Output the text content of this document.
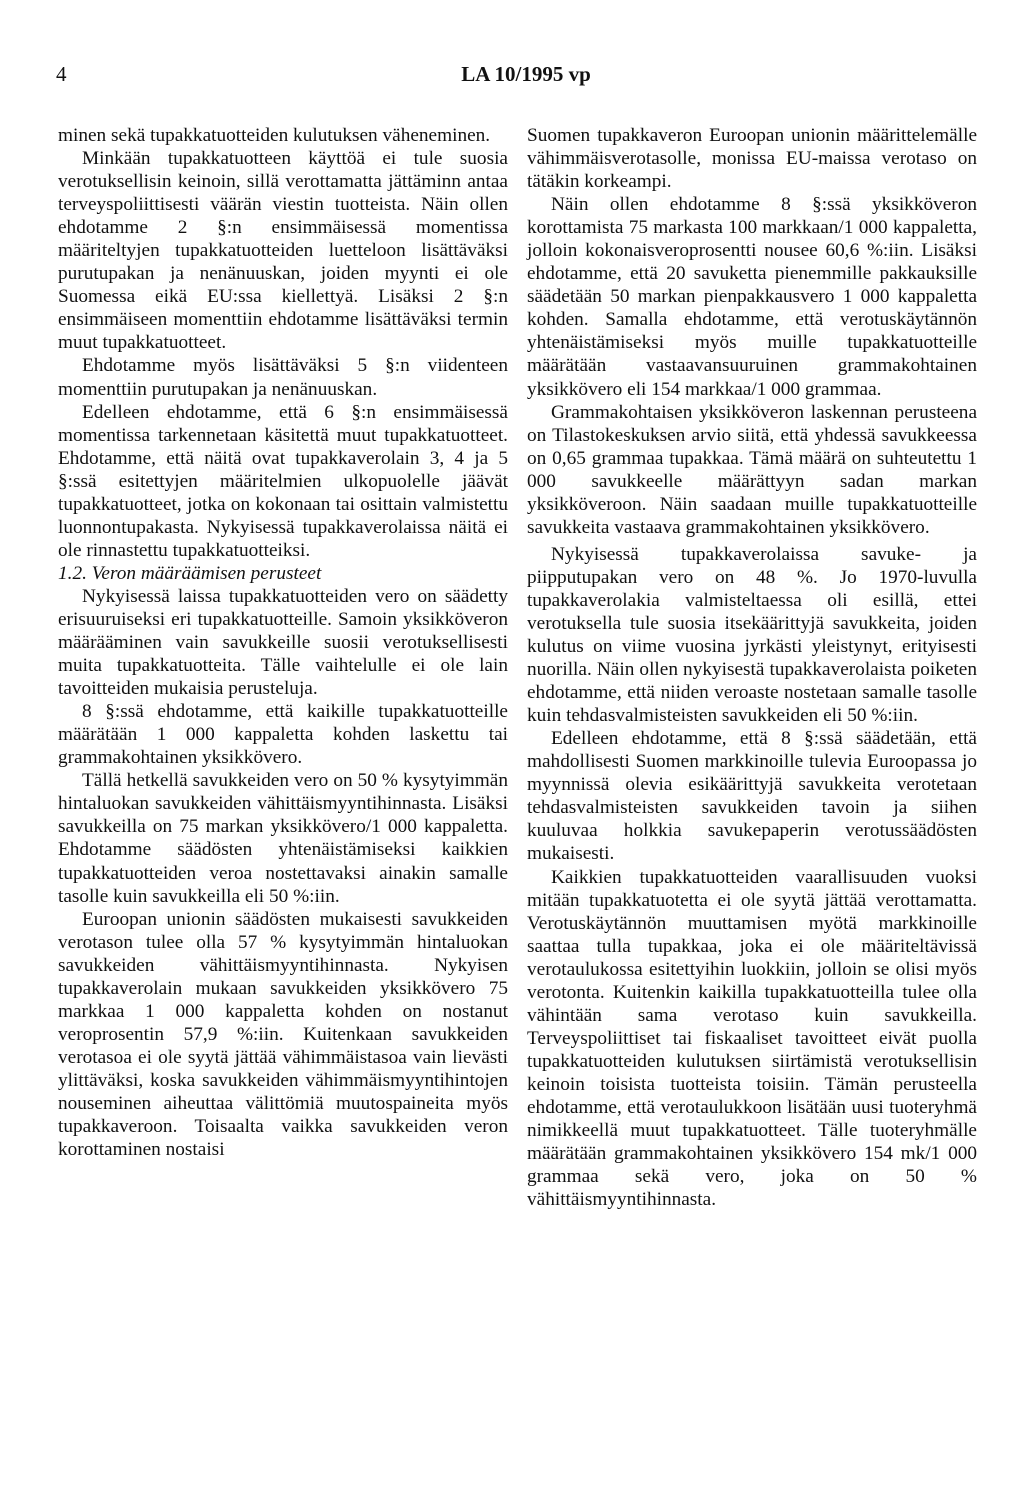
4	LA 10/1995 vp

minen sekä tupakkatuotteiden kulutuksen väheneminen.

Minkään tupakkatuotteen käyttöä ei tule suosia verotuksellisin keinoin, sillä verottamatta jättäminn antaa terveyspoliittisesti väärän viestin tuotteista. Näin ollen ehdotamme 2 §:n ensimmäisessä momentissa määriteltyjen tupakkatuotteiden luetteloon lisättäväksi purutupakan ja nenänuuskan, joiden myynti ei ole Suomessa eikä EU:ssa kiellettyä. Lisäksi 2 §:n ensimmäiseen momenttiin ehdotamme lisättäväksi termin muut tupakkatuotteet.

Ehdotamme myös lisättäväksi 5 §:n viidenteen momenttiin purutupakan ja nenänuuskan.

Edelleen ehdotamme, että 6 §:n ensimmäisessä momentissa tarkennetaan käsitettä muut tupakkatuotteet. Ehdotamme, että näitä ovat tupakkaverolain 3, 4 ja 5 §:ssä esitettyjen määritelmien ulkopuolelle jäävät tupakkatuotteet, jotka on kokonaan tai osittain valmistettu luonnontupakasta. Nykyisessä tupakkaverolaissa näitä ei ole rinnastettu tupakkatuotteiksi.

1.2. Veron määräämisen perusteet

Nykyisessä laissa tupakkatuotteiden vero on säädetty erisuuruiseksi eri tupakkatuotteille. Samoin yksikköveron määrääminen vain savukkeille suosii verotuksellisesti muita tupakkatuotteita. Tälle vaihtelulle ei ole lain tavoitteiden mukaisia perusteluja.

8 §:ssä ehdotamme, että kaikille tupakkatuotteille määrätään 1 000 kappaletta kohden laskettu tai grammakohtainen yksikkövero.

Tällä hetkellä savukkeiden vero on 50 % kysytyimmän hintaluokan savukkeiden vähittäismyyntihinnasta. Lisäksi savukkeilla on 75 markan yksikkövero/1 000 kappaletta. Ehdotamme säädösten yhtenäistämiseksi kaikkien tupakkatuotteiden veroa nostettavaksi ainakin samalle tasolle kuin savukkeilla eli 50 %:iin.

Euroopan unionin säädösten mukaisesti savukkeiden verotason tulee olla 57 % kysytyimmän hintaluokan savukkeiden vähittäismyyntihinnasta. Nykyisen tupakkaverolain mukaan savukkeiden yksikkövero 75 markkaa 1 000 kappaletta kohden on nostanut veroprosentin 57,9 %:iin. Kuitenkaan savukkeiden verotasoa ei ole syytä jättää vähimmäistasoa vain lievästi ylittäväksi, koska savukkeiden vähimmäismyyntihintojen nouseminen aiheuttaa välittömiä muutospaineita myös tupakkaveroon. Toisaalta vaikka savukkeiden veron korottaminen nostaisi

Suomen tupakkaveron Euroopan unionin määrittelemälle vähimmäisverotasolle, monissa EU-maissa verotaso on tätäkin korkeampi.

Näin ollen ehdotamme 8 §:ssä yksikköveron korottamista 75 markasta 100 markkaan/1 000 kappaletta, jolloin kokonaisveroprosentti nousee 60,6 %:iin. Lisäksi ehdotamme, että 20 savuketta pienemmille pakkauksille säädetään 50 markan pienpakkausvero 1 000 kappaletta kohden. Samalla ehdotamme, että verotuskäytännön yhtenäistämiseksi myös muille tupakkatuotteille määrätään vastaavansuuruinen grammakohtainen yksikkövero eli 154 markkaa/1 000 grammaa.

Grammakohtaisen yksikköveron laskennan perusteena on Tilastokeskuksen arvio siitä, että yhdessä savukkeessa on 0,65 grammaa tupakkaa. Tämä määrä on suhteutettu 1 000 savukkeelle määrättyyn sadan markan yksikköveroon. Näin saadaan muille tupakkatuotteille savukkeita vastaava grammakohtainen yksikkövero.

Nykyisessä tupakkaverolaissa savuke- ja piipputupakan vero on 48 %. Jo 1970-luvulla tupakkaverolakia valmisteltaessa oli esillä, ettei verotuksella tule suosia itsekäärittyjä savukkeita, joiden kulutus on viime vuosina jyrkästi yleistynyt, erityisesti nuorilla. Näin ollen nykyisestä tupakkaverolaista poiketen ehdotamme, että niiden veroaste nostetaan samalle tasolle kuin tehdasvalmisteisten savukkeiden eli 50 %:iin.

Edelleen ehdotamme, että 8 §:ssä säädetään, että mahdollisesti Suomen markkinoille tulevia Euroopassa jo myynnissä olevia esikäärittyjä savukkeita verotetaan tehdasvalmisteisten savukkeiden tavoin ja siihen kuuluvaa holkkia savukepaperin verotussäädösten mukaisesti.

Kaikkien tupakkatuotteiden vaarallisuuden vuoksi mitään tupakkatuotetta ei ole syytä jättää verottamatta. Verotuskäytännön muuttamisen myötä markkinoille saattaa tulla tupakkaa, joka ei ole määriteltävissä verotaulukossa esitettyihin luokkiin, jolloin se olisi myös verotonta. Kuitenkin kaikilla tupakkatuotteilla tulee olla vähintään sama verotaso kuin savukkeilla. Terveyspoliittiset tai fiskaaliset tavoitteet eivät puolla tupakkatuotteiden kulutuksen siirtämistä verotuksellisin keinoin toisista tuotteista toisiin. Tämän perusteella ehdotamme, että verotaulukkoon lisätään uusi tuoteryhmä nimikkeellä muut tupakkatuotteet. Tälle tuoteryhmälle määrätään grammakohtainen yksikkövero 154 mk/1 000 grammaa sekä vero, joka on 50 % vähittäismyyntihinnasta.
